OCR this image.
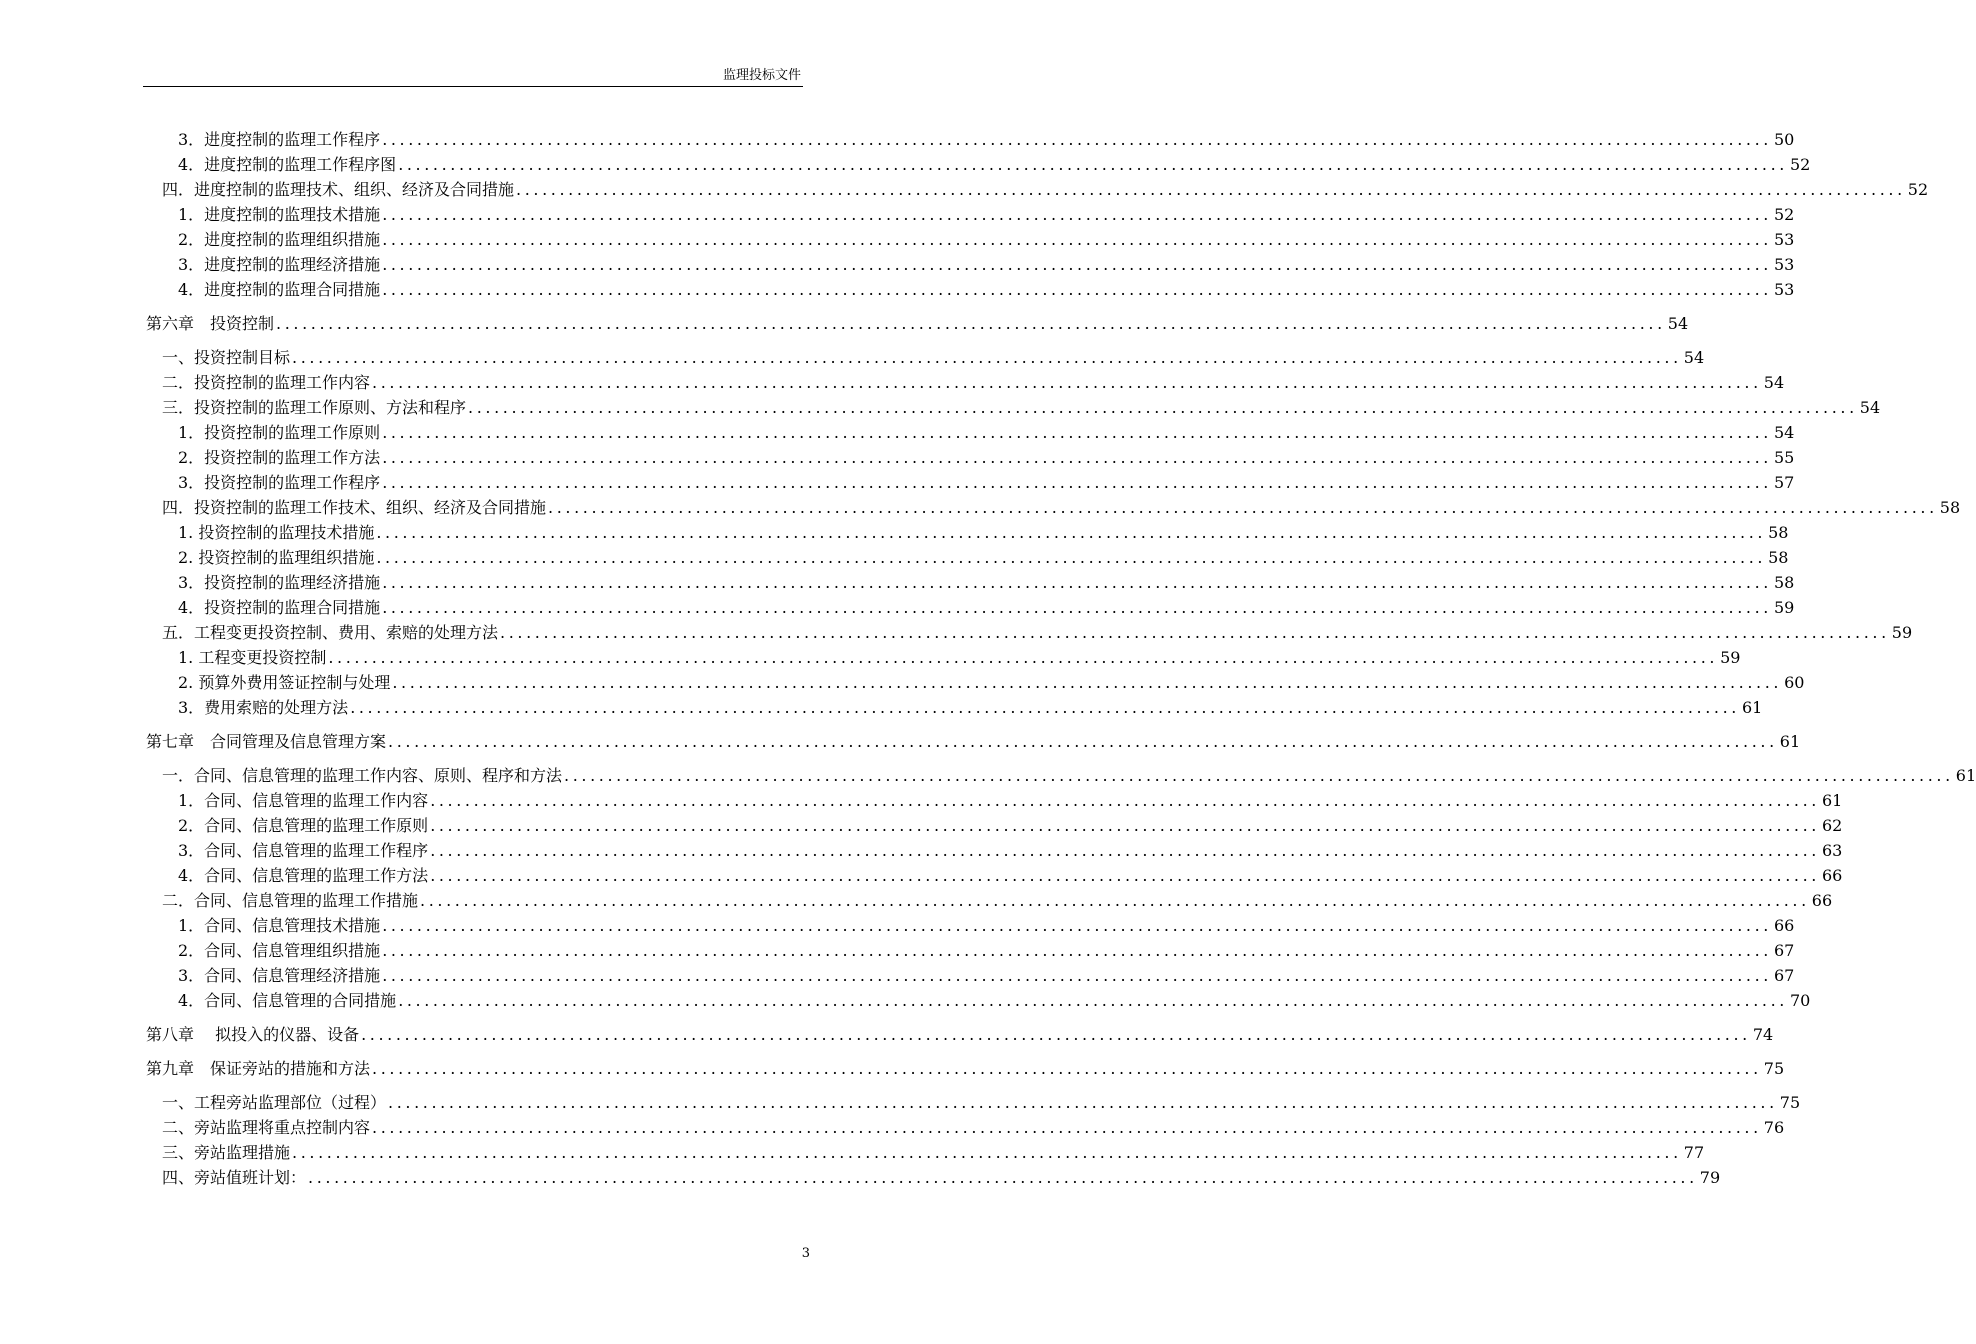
监理投标文件
3．进度控制的监理工作程序 ................................................................................................................................................................ 50
4．进度控制的监理工作程序图 ................................................................................................................................................................ 52
四．进度控制的监理技术、组织、经济及合同措施 ................................................................................................................................................................ 52
1．进度控制的监理技术措施 ................................................................................................................................................................ 52
2．进度控制的监理组织措施 ................................................................................................................................................................ 53
3．进度控制的监理经济措施 ................................................................................................................................................................ 53
4．进度控制的监理合同措施 ................................................................................................................................................................ 53
第六章　投资控制 ................................................................................................................................................................ 54
一、投资控制目标 ................................................................................................................................................................ 54
二．投资控制的监理工作内容 ................................................................................................................................................................ 54
三．投资控制的监理工作原则、方法和程序 ................................................................................................................................................................ 54
1．投资控制的监理工作原则 ................................................................................................................................................................ 54
2．投资控制的监理工作方法 ................................................................................................................................................................ 55
3．投资控制的监理工作程序 ................................................................................................................................................................ 57
四．投资控制的监理工作技术、组织、经济及合同措施 ................................................................................................................................................................ 58
1. 投资控制的监理技术措施 ................................................................................................................................................................ 58
2. 投资控制的监理组织措施 ................................................................................................................................................................ 58
3．投资控制的监理经济措施 ................................................................................................................................................................ 58
4．投资控制的监理合同措施 ................................................................................................................................................................ 59
五．工程变更投资控制、费用、索赔的处理方法 ................................................................................................................................................................ 59
1. 工程变更投资控制 ................................................................................................................................................................ 59
2. 预算外费用签证控制与处理 ................................................................................................................................................................ 60
3．费用索赔的处理方法 ................................................................................................................................................................ 61
第七章　合同管理及信息管理方案 ................................................................................................................................................................ 61
一．合同、信息管理的监理工作内容、原则、程序和方法 ................................................................................................................................................................ 61
1．合同、信息管理的监理工作内容 ................................................................................................................................................................ 61
2．合同、信息管理的监理工作原则 ................................................................................................................................................................ 62
3．合同、信息管理的监理工作程序 ................................................................................................................................................................ 63
4．合同、信息管理的监理工作方法 ................................................................................................................................................................ 66
二．合同、信息管理的监理工作措施 ................................................................................................................................................................ 66
1．合同、信息管理技术措施 ................................................................................................................................................................ 66
2．合同、信息管理组织措施 ................................................................................................................................................................ 67
3．合同、信息管理经济措施 ................................................................................................................................................................ 67
4．合同、信息管理的合同措施 ................................................................................................................................................................ 70
第八章　 拟投入的仪器、设备 ................................................................................................................................................................ 74
第九章　保证旁站的措施和方法 ................................................................................................................................................................ 75
一、工程旁站监理部位（过程） ................................................................................................................................................................ 75
二、旁站监理将重点控制内容 ................................................................................................................................................................ 76
三、旁站监理措施 ................................................................................................................................................................ 77
四、旁站值班计划： ................................................................................................................................................................ 79
3
